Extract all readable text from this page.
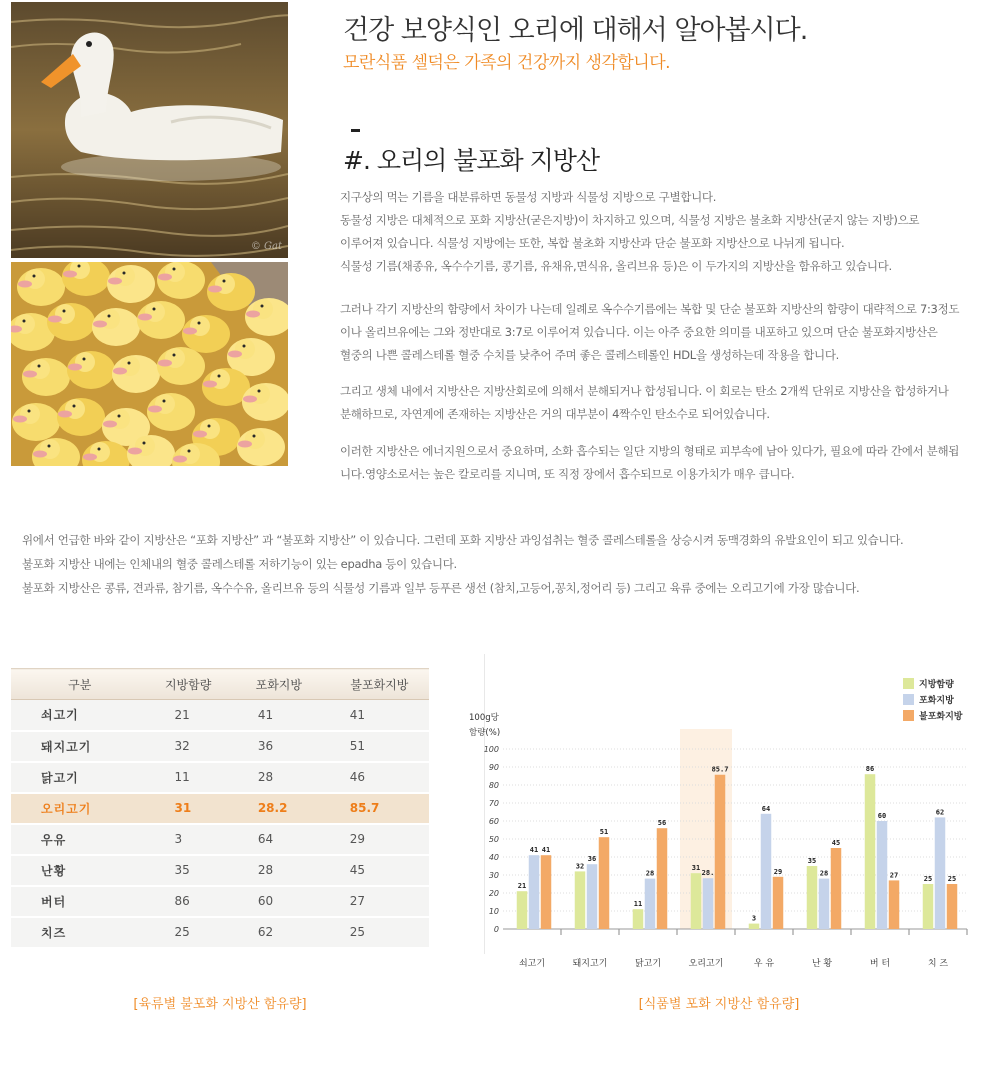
© Gat
건강 보양식인 오리에 대해서 알아봅시다.
모란식품 셀덕은 가족의 건강까지 생각합니다.
#. 오리의 불포화 지방산
지구상의 먹는 기름을 대분류하면 동물성 지방과 식물성 지방으로 구별합니다.
동물성 지방은 대체적으로 포화 지방산(굳은지방)이 차지하고 있으며, 식물성 지방은 불초화 지방산(굳지 않는 지방)으로
이루어져 있습니다. 식물성 지방에는 또한, 복합 불초화 지방산과 단순 불포화 지방산으로 나뉘게 됩니다.
식물성 기름(채종유, 옥수수기름, 콩기름, 유채유,면식유, 올리브유 등)은 이 두가지의 지방산을 함유하고 있습니다.
그러나 각기 지방산의 함량에서 차이가 나는데 일례로 옥수수기름에는 복합 및 단순 불포화 지방산의 함량이 대략적으로 7:3정도
이나 올리브유에는 그와 정반대로 3:7로 이루어져 있습니다. 이는 아주 중요한 의미를 내포하고 있으며 단순 불포화지방산은
혈중의 나쁜 콜레스테롤 혈중 수치를 낮추어 주며 좋은 콜레스테롤인 HDL을 생성하는데 작용을 합니다.
그리고 생체 내에서 지방산은 지방산회로에 의해서 분해되거나 합성됩니다. 이 회로는 탄소 2개씩 단위로 지방산을 합성하거나
분해하므로, 자연계에 존재하는 지방산은 거의 대부분이 4짝수인 탄소수로 되어있습니다.
이러한 지방산은 에너지원으로서 중요하며, 소화 흡수되는 일단 지방의 형태로 피부속에 남아 있다가, 필요에 따라 간에서 분해됩
니다.영양소로서는 높은 칼로리를 지니며, 또 직정 장에서 흡수되므로 이용가치가 매우 큽니다.
위에서 언급한 바와 같이 지방산은 “포화 지방산” 과 “불포화 지방산” 이 있습니다. 그런데 포화 지방산 과잉섭취는 혈중 콜레스테롤을 상승시켜 동맥경화의 유발요인이 되고 있습니다.
불포화 지방산 내에는 인체내의 혈중 콜레스테롤 저하기능이 있는 epadha 등이 있습니다.
불포화 지방산은 콩류, 견과류, 참기름, 옥수수유, 올리브유 등의 식물성 기름과 일부 등푸른 생선 (참치,고등어,꽁치,정어리 등) 그리고 육류 중에는 오리고기에 가장 많습니다.
구분	지방함량	포화지방	불포화지방
쇠고기	21	41	41
돼지고기	32	36	51
닭고기	11	28	46
오리고기	31	28.2	85.7
우유	3	64	29
난황	35	28	45
버터	86	60	27
치즈	25	62	25
[육류별 불포화 지방산 함유량]
0
10
20
30
40
50
60
70
80
90
100
100g당
함량(%)
쇠고기	돼지고기	닭고기	오리고기	우 유	난 황	버 터	치 즈
21
41 41
32
36
51
11
28
56
31
28.
85.7
3
64
29
35
28
45
86
60
27	25
62
25
지방함량
포화지방
불포화지방
[식품별 포화 지방산 함유량]
